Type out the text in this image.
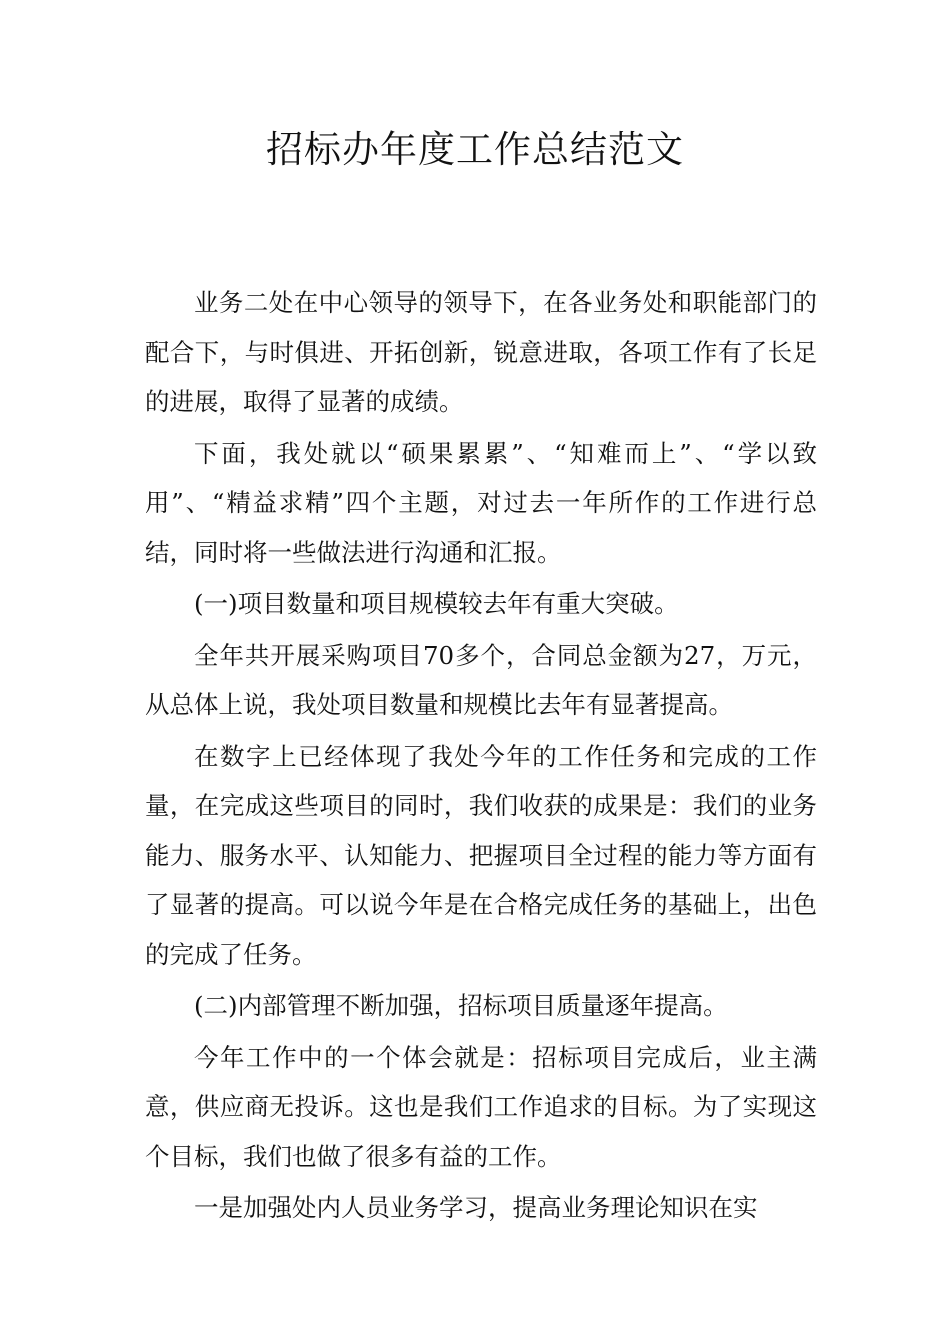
招标办年度工作总结范文

业务二处在中心领导的领导下，在各业务处和职能部门的配合下，与时俱进、开拓创新，锐意进取，各项工作有了长足的进展，取得了显著的成绩。

下面，我处就以“硕果累累”、“知难而上”、“学以致用”、“精益求精”四个主题，对过去一年所作的工作进行总结，同时将一些做法进行沟通和汇报。

(一)项目数量和项目规模较去年有重大突破。

全年共开展采购项目70多个，合同总金额为27，万元，从总体上说，我处项目数量和规模比去年有显著提高。

在数字上已经体现了我处今年的工作任务和完成的工作量，在完成这些项目的同时，我们收获的成果是：我们的业务能力、服务水平、认知能力、把握项目全过程的能力等方面有了显著的提高。可以说今年是在合格完成任务的基础上，出色的完成了任务。

(二)内部管理不断加强，招标项目质量逐年提高。

今年工作中的一个体会就是：招标项目完成后，业主满意，供应商无投诉。这也是我们工作追求的目标。为了实现这个目标，我们也做了很多有益的工作。

一是加强处内人员业务学习，提高业务理论知识在实
